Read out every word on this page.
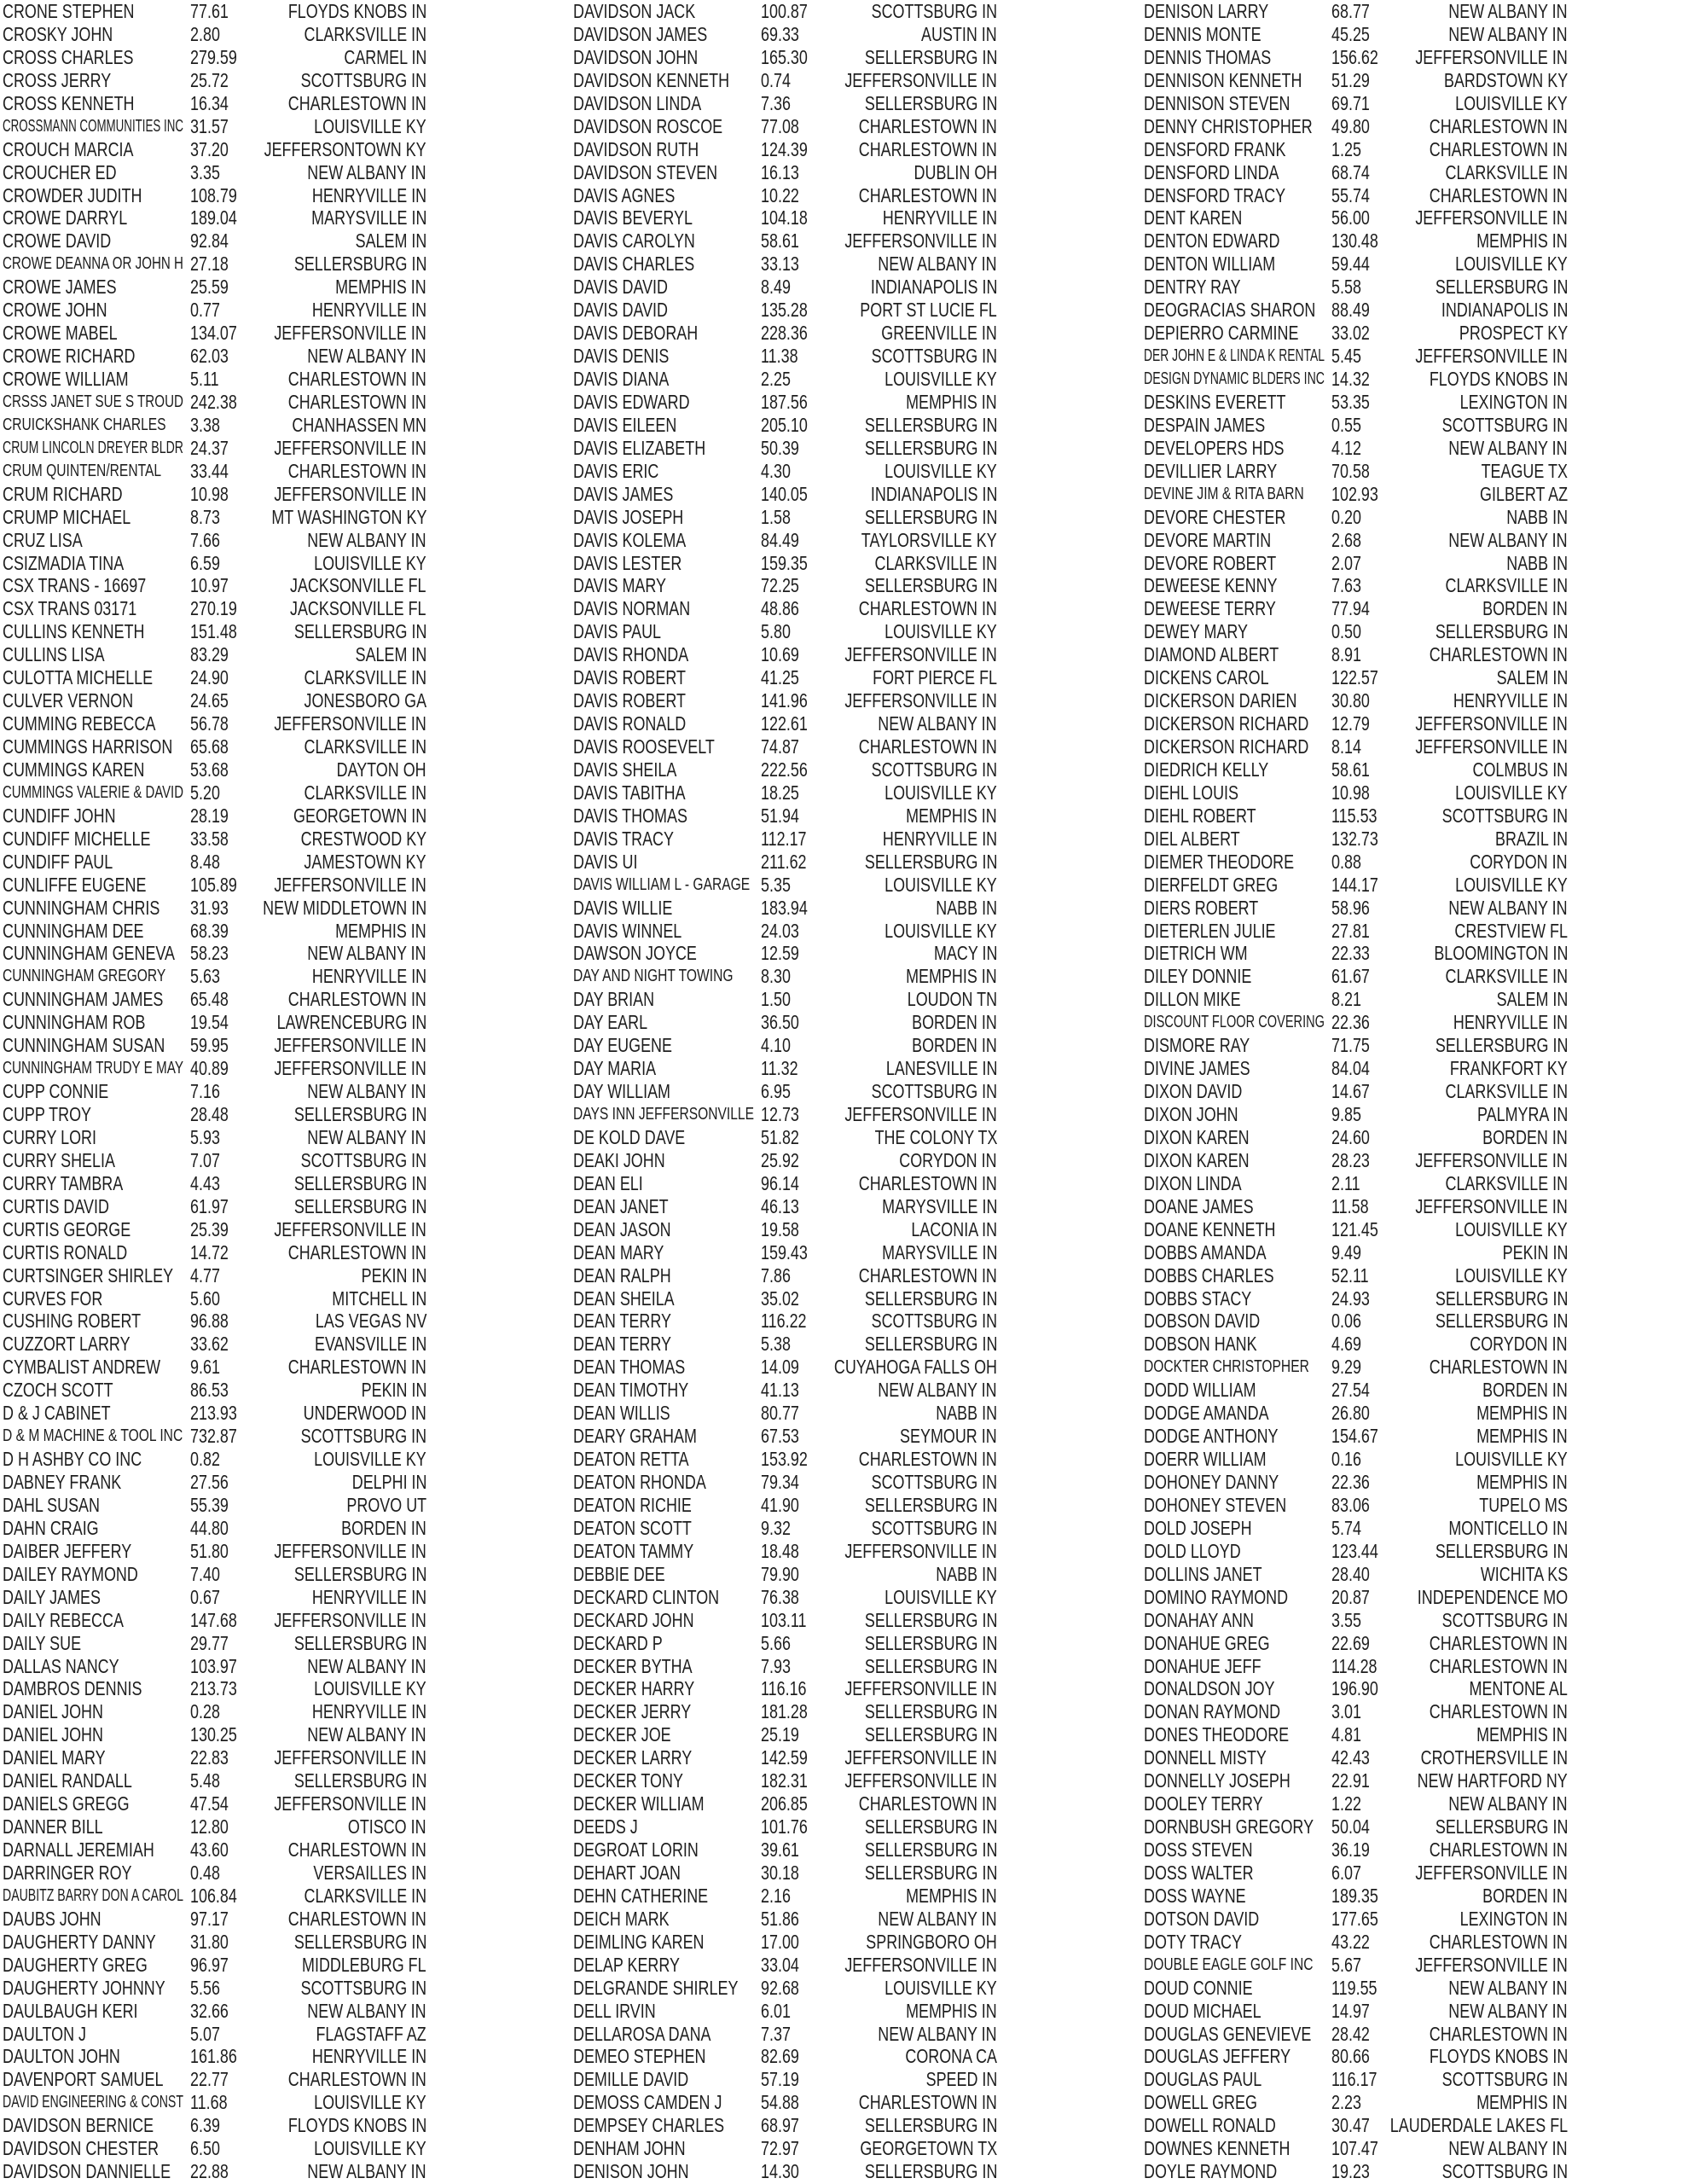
CRONE STEPHEN	77.61	FLOYDS KNOBS IN
CROSKY JOHN	2.80	CLARKSVILLE IN
CROSS CHARLES	279.59	CARMEL IN
CROSS JERRY	25.72	SCOTTSBURG IN
CROSS KENNETH	16.34	CHARLESTOWN IN
CROSSMANN COMMUNITIES INC 31.57	LOUISVILLE KY
CROUCH MARCIA	37.20 JEFFERSONTOWN KY
CROUCHER ED	3.35	NEW ALBANY IN
CROWDER JUDITH 108.79	HENRYVILLE IN
CROWE DARRYL	189.04	MARYSVILLE IN
CROWE DAVID	92.84	SALEM IN
CROWE DEANNA OR JOHN H 27.18	SELLERSBURG IN
CROWE JAMES	25.59	MEMPHIS IN
CROWE JOHN	0.77	HENRYVILLE IN
CROWE MABEL	134.07 JEFFERSONVILLE IN
CROWE RICHARD	62.03	NEW ALBANY IN
CROWE WILLIAM	5.11	CHARLESTOWN IN
CRSSS JANET SUE S TROUD 242.38	CHARLESTOWN IN
CRUICKSHANK CHARLES 3.38	CHANHASSEN MN
CRUM LINCOLN DREYER BLDR 24.37 JEFFERSONVILLE IN
CRUM QUINTEN/RENTAL 33.44	CHARLESTOWN IN
CRUM RICHARD	10.98 JEFFERSONVILLE IN
CRUMP MICHAEL	8.73	MT WASHINGTON KY
CRUZ LISA	7.66	NEW ALBANY IN
CSIZMADIA TINA	6.59	LOUISVILLE KY
CSX TRANS - 16697 10.97	JACKSONVILLE FL
CSX TRANS 03171	270.19	JACKSONVILLE FL
CULLINS KENNETH 151.48	SELLERSBURG IN
CULLINS LISA	83.29	SALEM IN
CULOTTA MICHELLE 24.90	CLARKSVILLE IN
CULVER VERNON	24.65	JONESBORO GA
CUMMING REBECCA 56.78 JEFFERSONVILLE IN
CUMMINGS HARRISON 65.68	CLARKSVILLE IN
CUMMINGS KAREN 53.68	DAYTON OH
CUMMINGS VALERIE & DAVID 5.20	CLARKSVILLE IN
CUNDIFF JOHN	28.19	GEORGETOWN IN
CUNDIFF MICHELLE 33.58	CRESTWOOD KY
CUNDIFF PAUL	8.48	JAMESTOWN KY
CUNLIFFE EUGENE 105.89 JEFFERSONVILLE IN
CUNNINGHAM CHRIS 31.93 NEW MIDDLETOWN IN
CUNNINGHAM DEE 68.39	MEMPHIS IN
CUNNINGHAM GENEVA 58.23	NEW ALBANY IN
CUNNINGHAM GREGORY 5.63	HENRYVILLE IN
CUNNINGHAM JAMES 65.48	CHARLESTOWN IN
CUNNINGHAM ROB 19.54 LAWRENCEBURG IN
CUNNINGHAM SUSAN 59.95 JEFFERSONVILLE IN
CUNNINGHAM TRUDY E MAY 40.89 JEFFERSONVILLE IN
CUPP CONNIE	7.16	NEW ALBANY IN
CUPP TROY	28.48	SELLERSBURG IN
CURRY LORI	5.93	NEW ALBANY IN
CURRY SHELIA	7.07	SCOTTSBURG IN
CURRY TAMBRA	4.43	SELLERSBURG IN
CURTIS DAVID	61.97	SELLERSBURG IN
CURTIS GEORGE	25.39 JEFFERSONVILLE IN
CURTIS RONALD	14.72	CHARLESTOWN IN
CURTSINGER SHIRLEY 4.77	PEKIN IN
CURVES FOR	5.60	MITCHELL IN
CUSHING ROBERT	96.88	LAS VEGAS NV
CUZZORT LARRY	33.62	EVANSVILLE IN
CYMBALIST ANDREW 9.61	CHARLESTOWN IN
CZOCH SCOTT	86.53	PEKIN IN
D & J CABINET	213.93	UNDERWOOD IN
D & M MACHINE & TOOL INC 732.87	SCOTTSBURG IN
D H ASHBY CO INC 0.82	LOUISVILLE KY
DABNEY FRANK	27.56	DELPHI IN
DAHL SUSAN	55.39	PROVO UT
DAHN CRAIG	44.80	BORDEN IN
DAIBER JEFFERY	51.80 JEFFERSONVILLE IN
DAILEY RAYMOND	7.40	SELLERSBURG IN
DAILY JAMES	0.67	HENRYVILLE IN
DAILY REBECCA	147.68 JEFFERSONVILLE IN
DAILY SUE	29.77	SELLERSBURG IN
DALLAS NANCY	103.97	NEW ALBANY IN
DAMBROS DENNIS 213.73	LOUISVILLE KY
DANIEL JOHN	0.28	HENRYVILLE IN
DANIEL JOHN	130.25	NEW ALBANY IN
DANIEL MARY	22.83 JEFFERSONVILLE IN
DANIEL RANDALL	5.48	SELLERSBURG IN
DANIELS GREGG	47.54 JEFFERSONVILLE IN
DANNER BILL	12.80	OTISCO IN
DARNALL JEREMIAH 43.60	CHARLESTOWN IN
DARRINGER ROY	0.48	VERSAILLES IN
DAUBITZ BARRY DON A CAROL 106.84	CLARKSVILLE IN
DAUBS JOHN	97.17	CHARLESTOWN IN
DAUGHERTY DANNY 31.80	SELLERSBURG IN
DAUGHERTY GREG 96.97	MIDDLEBURG FL
DAUGHERTY JOHNNY 5.56	SCOTTSBURG IN
DAULBAUGH KERI	32.66	NEW ALBANY IN
DAULTON J	5.07	FLAGSTAFF AZ
DAULTON JOHN	161.86	HENRYVILLE IN
DAVENPORT SAMUEL 22.77	CHARLESTOWN IN
DAVID ENGINEERING & CONST 11.68	LOUISVILLE KY
DAVIDSON BERNICE 6.39	FLOYDS KNOBS IN
DAVIDSON CHESTER 6.50	LOUISVILLE KY
DAVIDSON DANNIELLE 22.88	NEW ALBANY IN
DAVIDSON JACK	100.87	SCOTTSBURG IN
DAVIDSON JAMES	69.33	AUSTIN IN
DAVIDSON JOHN	165.30	SELLERSBURG IN
DAVIDSON KENNETH 0.74	JEFFERSONVILLE IN
DAVIDSON LINDA	7.36	SELLERSBURG IN
DAVIDSON ROSCOE 77.08	CHARLESTOWN IN
DAVIDSON RUTH	124.39	CHARLESTOWN IN
DAVIDSON STEVEN 16.13	DUBLIN OH
DAVIS AGNES	10.22	CHARLESTOWN IN
DAVIS BEVERYL	104.18	HENRYVILLE IN
DAVIS CAROLYN	58.61 JEFFERSONVILLE IN
DAVIS CHARLES	33.13	NEW ALBANY IN
DAVIS DAVID	8.49	INDIANAPOLIS IN
DAVIS DAVID	135.28	PORT ST LUCIE FL
DAVIS DEBORAH	228.36	GREENVILLE IN
DAVIS DENIS	11.38	SCOTTSBURG IN
DAVIS DIANA	2.25	LOUISVILLE KY
DAVIS EDWARD	187.56	MEMPHIS IN
DAVIS EILEEN	205.10	SELLERSBURG IN
DAVIS ELIZABETH	50.39	SELLERSBURG IN
DAVIS ERIC	4.30	LOUISVILLE KY
DAVIS JAMES	140.05	INDIANAPOLIS IN
DAVIS JOSEPH	1.58	SELLERSBURG IN
DAVIS KOLEMA	84.49	TAYLORSVILLE KY
DAVIS LESTER	159.35	CLARKSVILLE IN
DAVIS MARY	72.25	SELLERSBURG IN
DAVIS NORMAN	48.86	CHARLESTOWN IN
DAVIS PAUL	5.80	LOUISVILLE KY
DAVIS RHONDA	10.69 JEFFERSONVILLE IN
DAVIS ROBERT	41.25	FORT PIERCE FL
DAVIS ROBERT	141.96 JEFFERSONVILLE IN
DAVIS RONALD	122.61	NEW ALBANY IN
DAVIS ROOSEVELT 74.87	CHARLESTOWN IN
DAVIS SHEILA	222.56	SCOTTSBURG IN
DAVIS TABITHA	18.25	LOUISVILLE KY
DAVIS THOMAS	51.94	MEMPHIS IN
DAVIS TRACY	112.17	HENRYVILLE IN
DAVIS UI	211.62	SELLERSBURG IN
DAVIS WILLIAM L - GARAGE 5.35	LOUISVILLE KY
DAVIS WILLIE	183.94	NABB IN
DAVIS WINNEL	24.03	LOUISVILLE KY
DAWSON JOYCE	12.59	MACY IN
DAY AND NIGHT TOWING 8.30	MEMPHIS IN
DAY BRIAN	1.50	LOUDON TN
DAY EARL	36.50	BORDEN IN
DAY EUGENE	4.10	BORDEN IN
DAY MARIA	11.32	LANESVILLE IN
DAY WILLIAM	6.95	SCOTTSBURG IN
DAYS INN JEFFERSONVILLE 12.73 JEFFERSONVILLE IN
DE KOLD DAVE	51.82	THE COLONY TX
DEAKI JOHN	25.92	CORYDON IN
DEAN ELI	96.14	CHARLESTOWN IN
DEAN JANET	46.13	MARYSVILLE IN
DEAN JASON	19.58	LACONIA IN
DEAN MARY	159.43	MARYSVILLE IN
DEAN RALPH	7.86	CHARLESTOWN IN
DEAN SHEILA	35.02	SELLERSBURG IN
DEAN TERRY	116.22	SCOTTSBURG IN
DEAN TERRY	5.38	SELLERSBURG IN
DEAN THOMAS	14.09 CUYAHOGA FALLS OH
DEAN TIMOTHY	41.13	NEW ALBANY IN
DEAN WILLIS	80.77	NABB IN
DEARY GRAHAM	67.53	SEYMOUR IN
DEATON RETTA	153.92	CHARLESTOWN IN
DEATON RHONDA	79.34	SCOTTSBURG IN
DEATON RICHIE	41.90	SELLERSBURG IN
DEATON SCOTT	9.32	SCOTTSBURG IN
DEATON TAMMY	18.48 JEFFERSONVILLE IN
DEBBIE DEE	79.90	NABB IN
DECKARD CLINTON 76.38	LOUISVILLE KY
DECKARD JOHN	103.11	SELLERSBURG IN
DECKARD P	5.66	SELLERSBURG IN
DECKER BYTHA	7.93	SELLERSBURG IN
DECKER HARRY	116.16 JEFFERSONVILLE IN
DECKER JERRY	181.28	SELLERSBURG IN
DECKER JOE	25.19	SELLERSBURG IN
DECKER LARRY	142.59 JEFFERSONVILLE IN
DECKER TONY	182.31 JEFFERSONVILLE IN
DECKER WILLIAM	206.85	CHARLESTOWN IN
DEEDS J	101.76	SELLERSBURG IN
DEGROAT LORIN	39.61	SELLERSBURG IN
DEHART JOAN	30.18	SELLERSBURG IN
DEHN CATHERINE	2.16	MEMPHIS IN
DEICH MARK	51.86	NEW ALBANY IN
DEIMLING KAREN	17.00	SPRINGBORO OH
DELAP KERRY	33.04 JEFFERSONVILLE IN
DELGRANDE SHIRLEY 92.68	LOUISVILLE KY
DELL IRVIN	6.01	MEMPHIS IN
DELLAROSA DANA	7.37	NEW ALBANY IN
DEMEO STEPHEN	82.69	CORONA CA
DEMILLE DAVID	57.19	SPEED IN
DEMOSS CAMDEN J 54.88	CHARLESTOWN IN
DEMPSEY CHARLES 68.97	SELLERSBURG IN
DENHAM JOHN	72.97	GEORGETOWN TX
DENISON JOHN	14.30	SELLERSBURG IN
DENISON LARRY	68.77	NEW ALBANY IN
DENNIS MONTE	45.25	NEW ALBANY IN
DENNIS THOMAS	156.62 JEFFERSONVILLE IN
DENNISON KENNETH 51.29	BARDSTOWN KY
DENNISON STEVEN 69.71	LOUISVILLE KY
DENNY CHRISTOPHER 49.80	CHARLESTOWN IN
DENSFORD FRANK 1.25	CHARLESTOWN IN
DENSFORD LINDA	68.74	CLARKSVILLE IN
DENSFORD TRACY 55.74	CHARLESTOWN IN
DENT KAREN	56.00 JEFFERSONVILLE IN
DENTON EDWARD	130.48	MEMPHIS IN
DENTON WILLIAM	59.44	LOUISVILLE KY
DENTRY RAY	5.58	SELLERSBURG IN
DEOGRACIAS SHARON 88.49	INDIANAPOLIS IN
DEPIERRO CARMINE 33.02	PROSPECT KY
DER JOHN E & LINDA K RENTAL 5.45	JEFFERSONVILLE IN
DESIGN DYNAMIC BLDERS INC 14.32	FLOYDS KNOBS IN
DESKINS EVERETT 53.35	LEXINGTON IN
DESPAIN JAMES	0.55	SCOTTSBURG IN
DEVELOPERS HDS 4.12	NEW ALBANY IN
DEVILLIER LARRY	70.58	TEAGUE TX
DEVINE JIM & RITA BARN 102.93	GILBERT AZ
DEVORE CHESTER 0.20	NABB IN
DEVORE MARTIN	2.68	NEW ALBANY IN
DEVORE ROBERT	2.07	NABB IN
DEWEESE KENNY	7.63	CLARKSVILLE IN
DEWEESE TERRY	77.94	BORDEN IN
DEWEY MARY	0.50	SELLERSBURG IN
DIAMOND ALBERT	8.91	CHARLESTOWN IN
DICKENS CAROL	122.57	SALEM IN
DICKERSON DARIEN 30.80	HENRYVILLE IN
DICKERSON RICHARD 12.79 JEFFERSONVILLE IN
DICKERSON RICHARD 8.14	JEFFERSONVILLE IN
DIEDRICH KELLY	58.61	COLMBUS IN
DIEHL LOUIS	10.98	LOUISVILLE KY
DIEHL ROBERT	115.53	SCOTTSBURG IN
DIEL ALBERT	132.73	BRAZIL IN
DIEMER THEODORE 0.88	CORYDON IN
DIERFELDT GREG	144.17	LOUISVILLE KY
DIERS ROBERT	58.96	NEW ALBANY IN
DIETERLEN JULIE	27.81	CRESTVIEW FL
DIETRICH WM	22.33	BLOOMINGTON IN
DILEY DONNIE	61.67	CLARKSVILLE IN
DILLON MIKE	8.21	SALEM IN
DISCOUNT FLOOR COVERING 22.36	HENRYVILLE IN
DISMORE RAY	71.75	SELLERSBURG IN
DIVINE JAMES	84.04	FRANKFORT KY
DIXON DAVID	14.67	CLARKSVILLE IN
DIXON JOHN	9.85	PALMYRA IN
DIXON KAREN	24.60	BORDEN IN
DIXON KAREN	28.23 JEFFERSONVILLE IN
DIXON LINDA	2.11	CLARKSVILLE IN
DOANE JAMES	11.58 JEFFERSONVILLE IN
DOANE KENNETH	121.45	LOUISVILLE KY
DOBBS AMANDA	9.49	PEKIN IN
DOBBS CHARLES	52.11	LOUISVILLE KY
DOBBS STACY	24.93	SELLERSBURG IN
DOBSON DAVID	0.06	SELLERSBURG IN
DOBSON HANK	4.69	CORYDON IN
DOCKTER CHRISTOPHER 9.29	CHARLESTOWN IN
DODD WILLIAM	27.54	BORDEN IN
DODGE AMANDA	26.80	MEMPHIS IN
DODGE ANTHONY	154.67	MEMPHIS IN
DOERR WILLIAM	0.16	LOUISVILLE KY
DOHONEY DANNY	22.36	MEMPHIS IN
DOHONEY STEVEN 83.06	TUPELO MS
DOLD JOSEPH	5.74	MONTICELLO IN
DOLD LLOYD	123.44	SELLERSBURG IN
DOLLINS JANET	28.40	WICHITA KS
DOMINO RAYMOND 20.87 INDEPENDENCE MO
DONAHAY ANN	3.55	SCOTTSBURG IN
DONAHUE GREG	22.69	CHARLESTOWN IN
DONAHUE JEFF	114.28	CHARLESTOWN IN
DONALDSON JOY	196.90	MENTONE AL
DONAN RAYMOND	3.01	CHARLESTOWN IN
DONES THEODORE 4.81	MEMPHIS IN
DONNELL MISTY	42.43	CROTHERSVILLE IN
DONNELLY JOSEPH 22.91 NEW HARTFORD NY
DOOLEY TERRY	1.22	NEW ALBANY IN
DORNBUSH GREGORY 50.04	SELLERSBURG IN
DOSS STEVEN	36.19	CHARLESTOWN IN
DOSS WALTER	6.07	JEFFERSONVILLE IN
DOSS WAYNE	189.35	BORDEN IN
DOTSON DAVID	177.65	LEXINGTON IN
DOTY TRACY	43.22	CHARLESTOWN IN
DOUBLE EAGLE GOLF INC 5.67	JEFFERSONVILLE IN
DOUD CONNIE	119.55	NEW ALBANY IN
DOUD MICHAEL	14.97	NEW ALBANY IN
DOUGLAS GENEVIEVE 28.42	CHARLESTOWN IN
DOUGLAS JEFFERY 80.66	FLOYDS KNOBS IN
DOUGLAS PAUL	116.17	SCOTTSBURG IN
DOWELL GREG	2.23	MEMPHIS IN
DOWELL RONALD	30.47 LAUDERDALE LAKES FL
DOWNES KENNETH 107.47	NEW ALBANY IN
DOYLE RAYMOND	19.23	SCOTTSBURG IN
